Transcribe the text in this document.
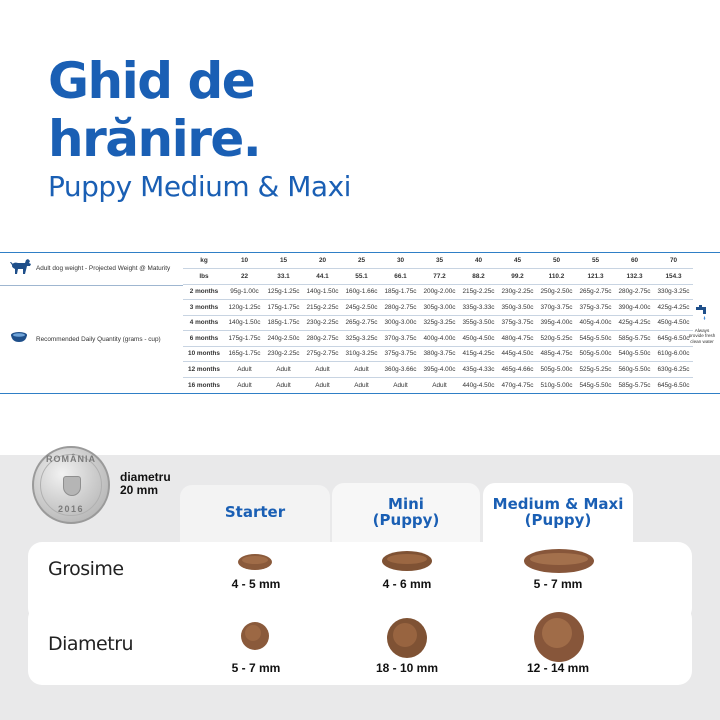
Ghid de
hrănire.
Puppy Medium & Maxi
Adult dog weight - Projected Weight @ Maturity
Recommended Daily Quantity (grams - cup)
kg	10	15	20	25	30	35	40	45	50	55	60	70
lbs	22	33.1	44.1	55.1	66.1	77.2	88.2	99.2	110.2	121.3	132.3	154.3
2 months	95g-1.00c	125g-1.25c	140g-1.50c	160g-1.66c	185g-1.75c	200g-2.00c	215g-2.25c	230g-2.25c	250g-2.50c	265g-2.75c	280g-2.75c	330g-3.25c
3 months	120g-1.25c	175g-1.75c	215g-2.25c	245g-2.50c	280g-2.75c	305g-3.00c	335g-3.33c	350g-3.50c	370g-3.75c	375g-3.75c	390g-4.00c	425g-4.25c
4 months	140g-1.50c	185g-1.75c	230g-2.25c	265g-2.75c	300g-3.00c	325g-3.25c	355g-3.50c	375g-3.75c	395g-4.00c	405g-4.00c	425g-4.25c	450g-4.50c
6 months	175g-1.75c	240g-2.50c	280g-2.75c	325g-3.25c	370g-3.75c	400g-4.00c	450g-4.50c	480g-4.75c	520g-5.25c	545g-5.50c	585g-5.75c	645g-6.50c
10 months	165g-1.75c	230g-2.25c	275g-2.75c	310g-3.25c	375g-3.75c	380g-3.75c	415g-4.25c	445g-4.50c	485g-4.75c	505g-5.00c	540g-5.50c	610g-6.00c
12 months	Adult	Adult	Adult	Adult	360g-3.66c	395g-4.00c	435g-4.33c	465g-4.66c	505g-5.00c	525g-5.25c	560g-5.50c	630g-6.25c
16 months	Adult	Adult	Adult	Adult	Adult	Adult	440g-4.50c	470g-4.75c	510g-5.00c	545g-5.50c	585g-5.75c	645g-6.50c
Always provide fresh clean water
ROMÂNIA
2016
diametru
20 mm
Starter	Mini
(Puppy)
Medium & Maxi
(Puppy)
Grosime
4 - 5 mm	4 - 6 mm	5 - 7 mm
Diametru
5 - 7 mm	18 - 10 mm	12 - 14 mm
